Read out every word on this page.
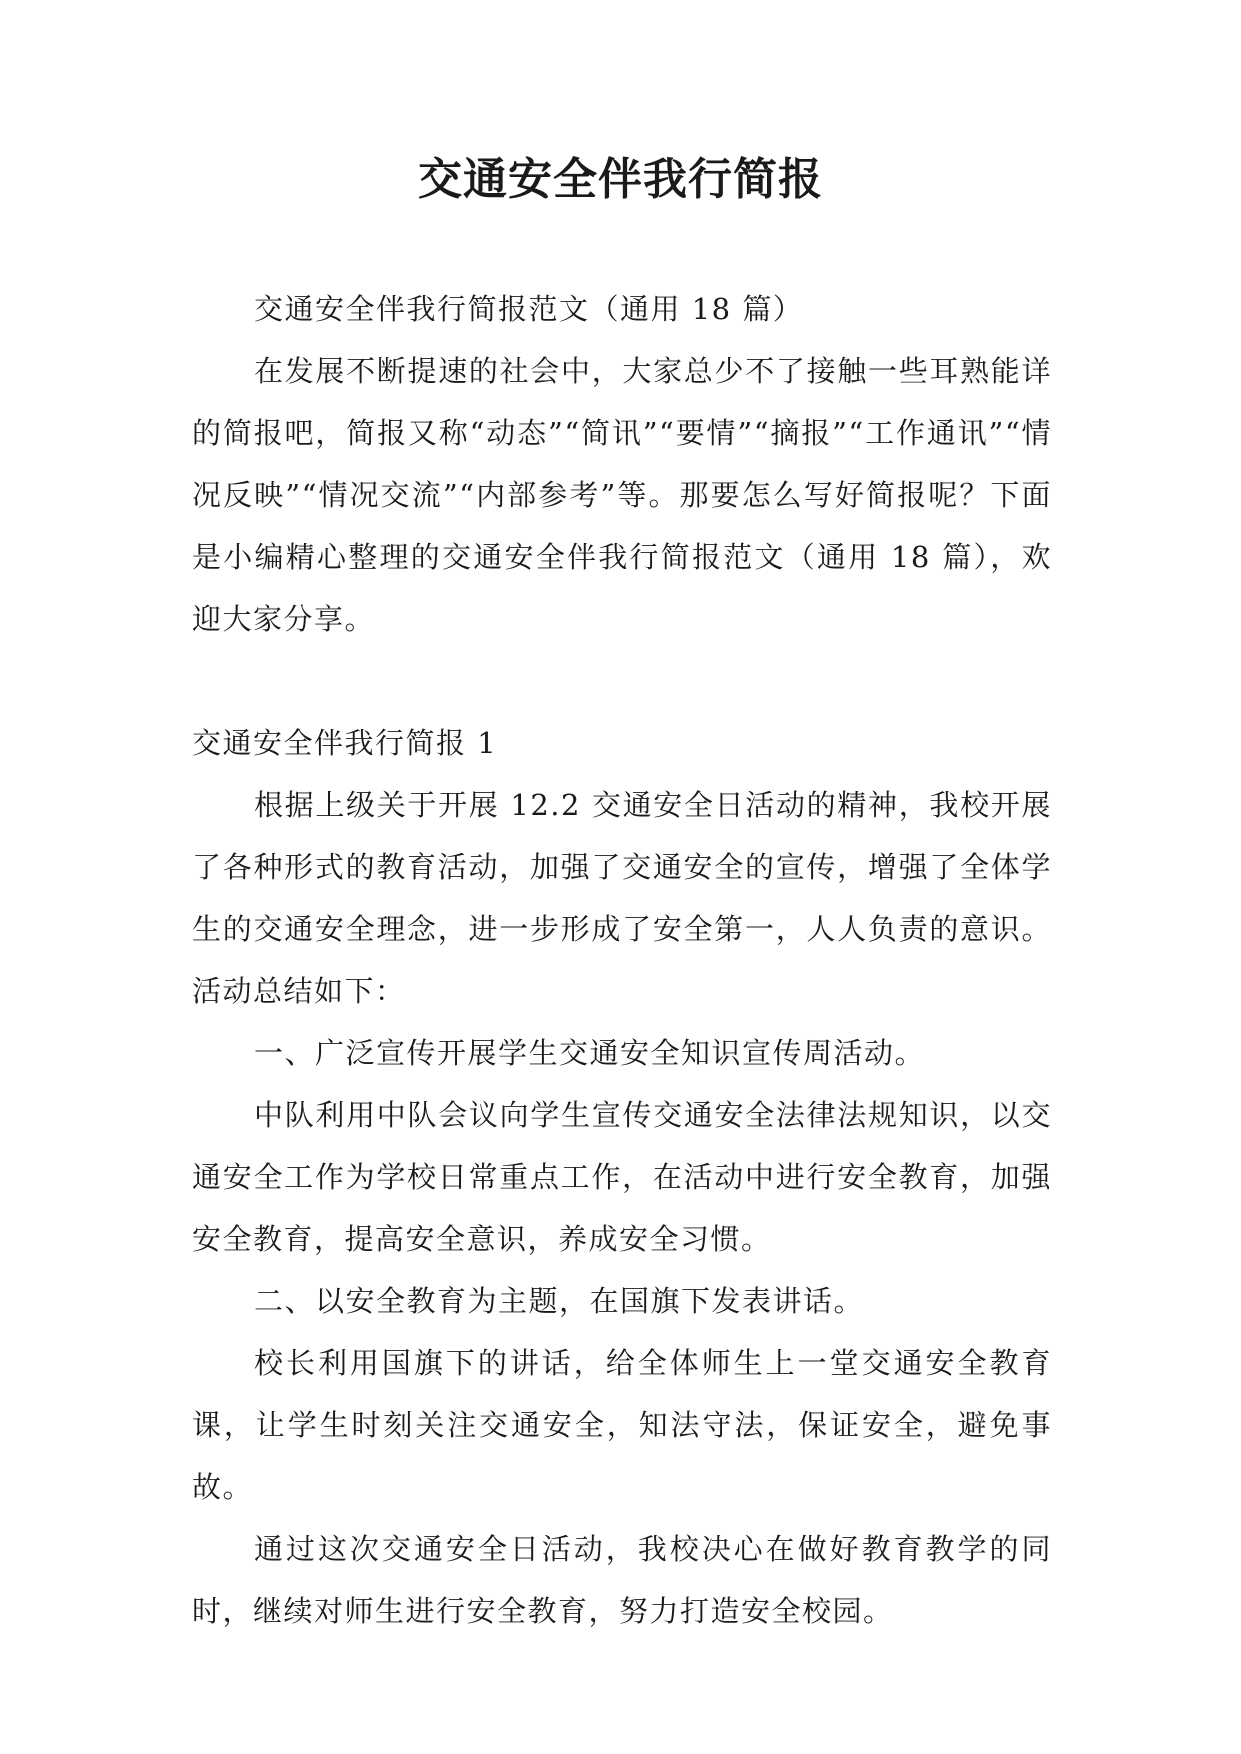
交通安全伴我行简报

交通安全伴我行简报范文（通用 18 篇）

在发展不断提速的社会中，大家总少不了接触一些耳熟能详的简报吧，简报又称“动态”“简讯”“要情”“摘报”“工作通讯”“情况反映”“情况交流”“内部参考”等。那要怎么写好简报呢？下面是小编精心整理的交通安全伴我行简报范文（通用 18 篇），欢迎大家分享。

交通安全伴我行简报 1

根据上级关于开展 12.2 交通安全日活动的精神，我校开展了各种形式的教育活动，加强了交通安全的宣传，增强了全体学生的交通安全理念，进一步形成了安全第一，人人负责的意识。活动总结如下：

一、广泛宣传开展学生交通安全知识宣传周活动。

中队利用中队会议向学生宣传交通安全法律法规知识，以交通安全工作为学校日常重点工作，在活动中进行安全教育，加强安全教育，提高安全意识，养成安全习惯。

二、以安全教育为主题，在国旗下发表讲话。

校长利用国旗下的讲话，给全体师生上一堂交通安全教育课，让学生时刻关注交通安全，知法守法，保证安全，避免事故。

通过这次交通安全日活动，我校决心在做好教育教学的同时，继续对师生进行安全教育，努力打造安全校园。
